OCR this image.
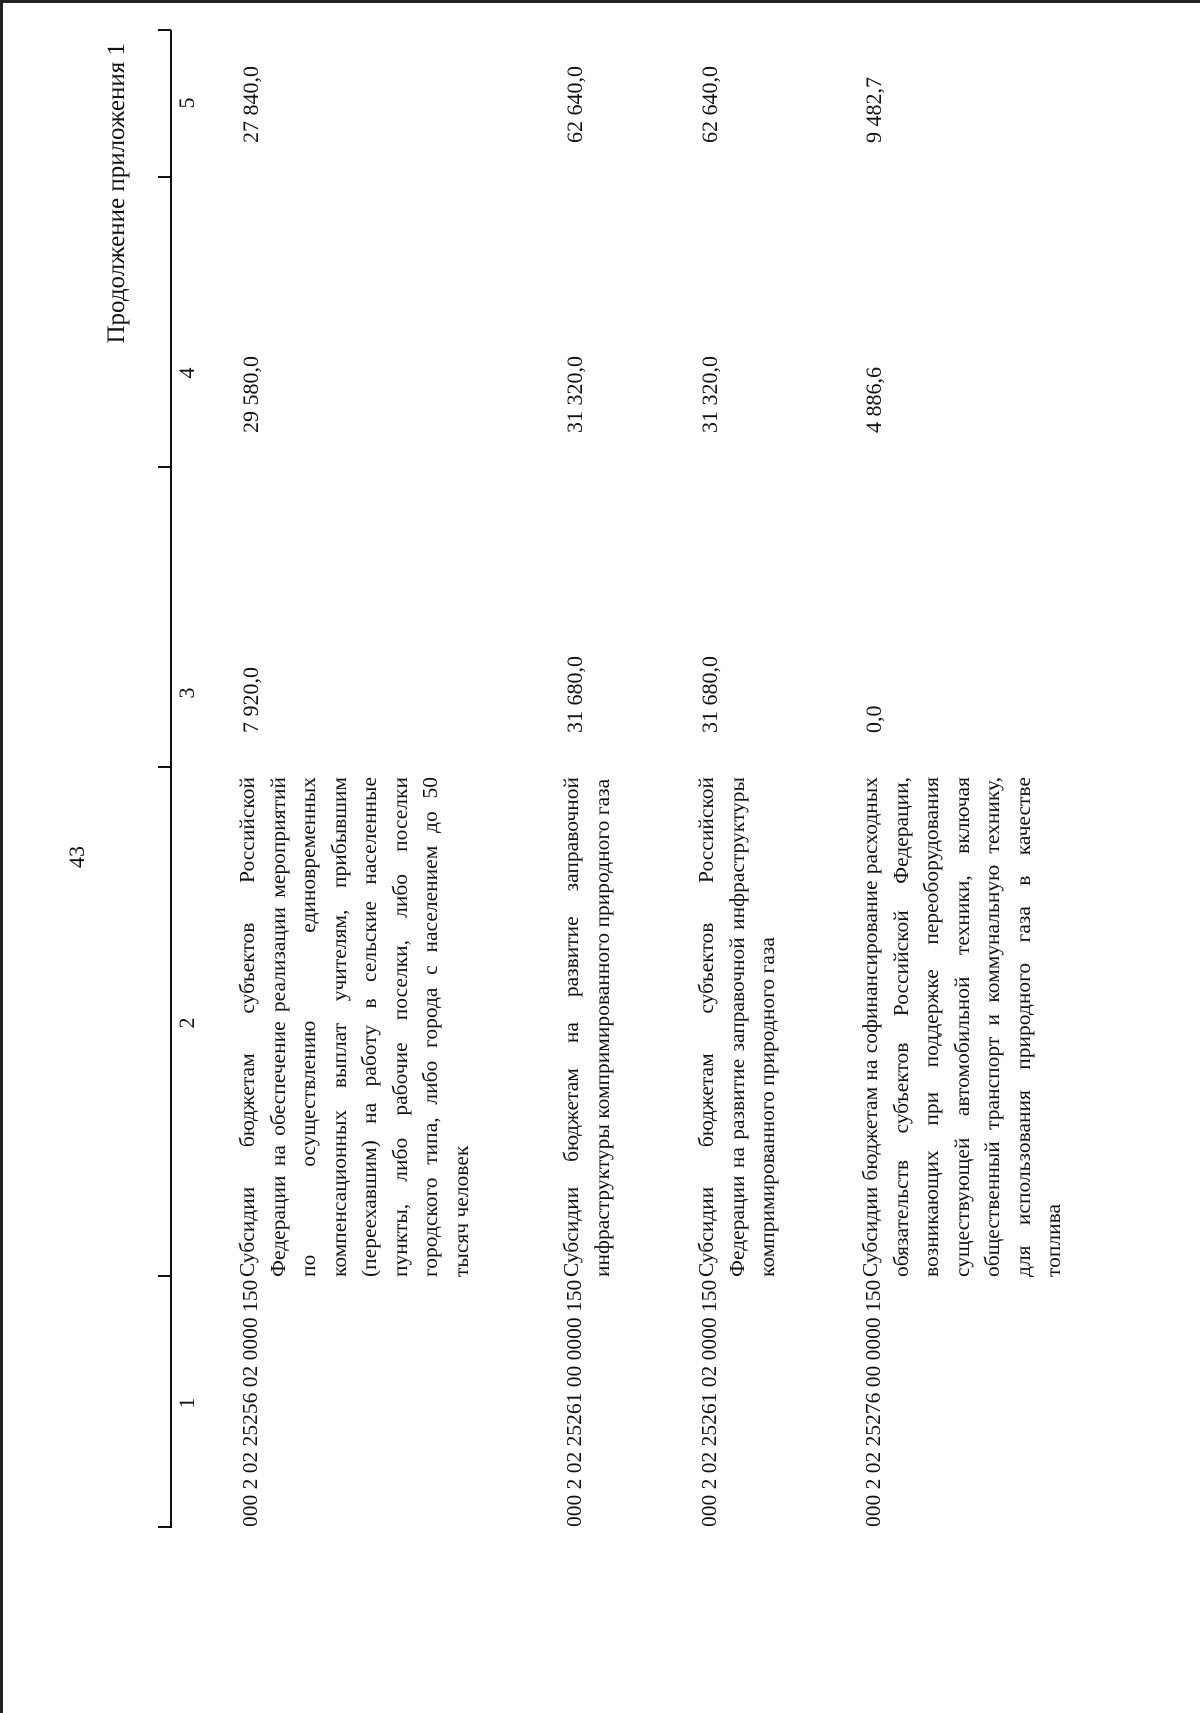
43
Продолжение приложения 1
1
2
3
4
5
000 2 02 25256 02 0000 150
Субсидии бюджетам субъектов Российской Федерации на обеспечение реализации мероприятий по осуществлению единовременных компенсационных выплат учителям, прибывшим (переехавшим) на работу в сельские населенные пункты, либо рабочие поселки, либо поселки городского типа, либо города с населением до 50 тысяч человек
7 920,0
29 580,0
27 840,0
000 2 02 25261 00 0000 150
Субсидии бюджетам на развитие заправочной инфраструктуры компримированного природного газа
31 680,0
31 320,0
62 640,0
000 2 02 25261 02 0000 150
Субсидии бюджетам субъектов Российской Федерации на развитие заправочной инфраструктуры компримированного природного газа
31 680,0
31 320,0
62 640,0
000 2 02 25276 00 0000 150
Субсидии бюджетам на софинансирование расходных обязательств субъектов Российской Федерации, возникающих при поддержке переоборудования существующей автомобильной техники, включая общественный транспорт и коммунальную технику, для использования природного газа в качестве топлива
0,0
4 886,6
9 482,7
